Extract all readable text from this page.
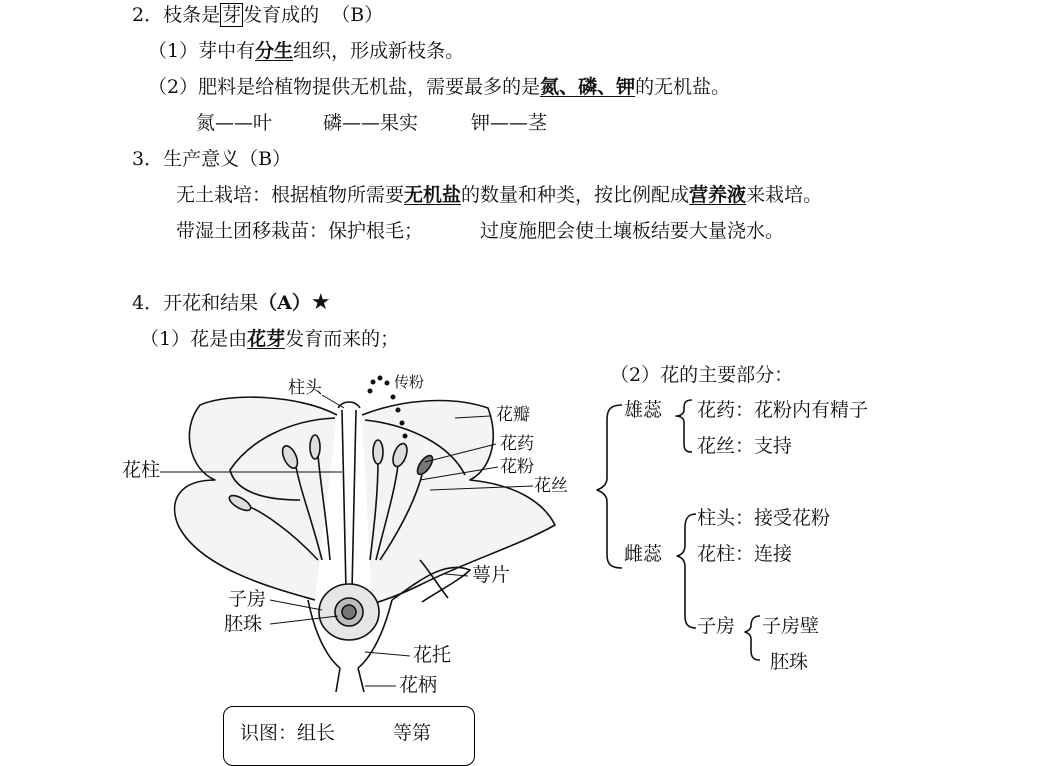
2．枝条是 芽 发育成的 （B）
（1）芽中有分生组织，形成新枝条。
（2）肥料是给植物提供无机盐，需要最多的是氮、磷、钾的无机盐。
氮——叶	磷——果实	钾——茎
3．生产意义（B）
无土栽培：根据植物所需要无机盐的数量和种类，按比例配成营养液来栽培。
带湿土团移栽苗：保护根毛；	过度施肥会使土壤板结要大量浇水。
4．开花和结果（A）★
（1）花是由花芽发育而来的；
（2）花的主要部分：
柱头	传粉
花瓣
花药
花粉
花丝
花柱
萼片
子房
胚珠
花托
花柄
雄蕊 花药：花粉内有精子
花丝：支持
雌蕊
柱头：接受花粉
花柱：连接
子房 子房壁
胚珠
识图：组长	等第
